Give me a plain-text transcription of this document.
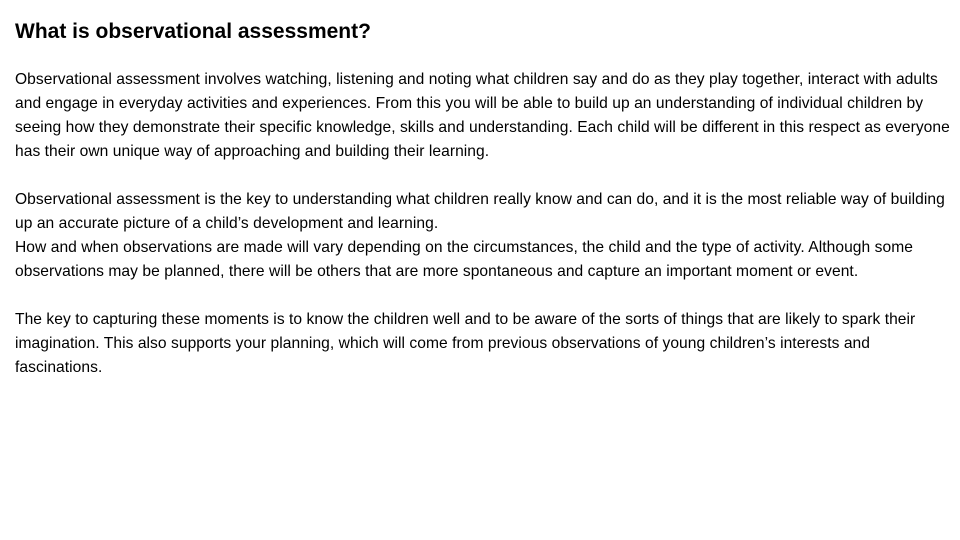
What is observational assessment?

Observational assessment involves watching, listening and noting what children say and do as they play together, interact with adults and engage in everyday activities and experiences. From this you will be able to build up an understanding of individual children by seeing how they demonstrate their specific knowledge, skills and understanding. Each child will be different in this respect as everyone has their own unique way of approaching and building their learning.

Observational assessment is the key to understanding what children really know and can do, and it is the most reliable way of building up an accurate picture of a child’s development and learning.

How and when observations are made will vary depending on the circumstances, the child and the type of activity. Although some observations may be planned, there will be others that are more spontaneous and capture an important moment or event.

The key to capturing these moments is to know the children well and to be aware of the sorts of things that are likely to spark their imagination. This also supports your planning, which will come from previous observations of young children’s interests and fascinations.
